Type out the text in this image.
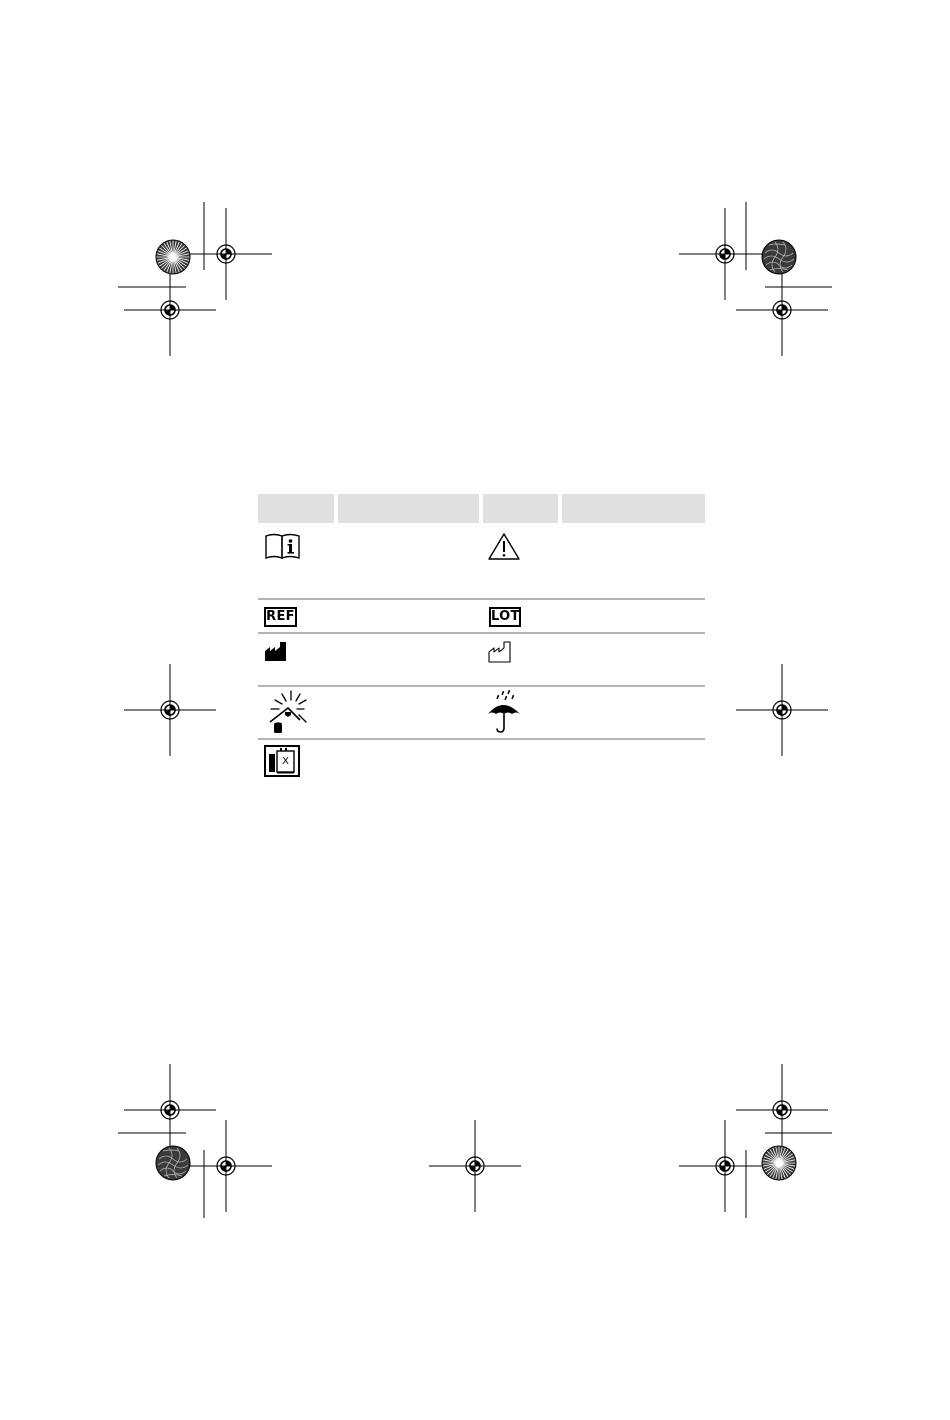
REF	LOT
X
